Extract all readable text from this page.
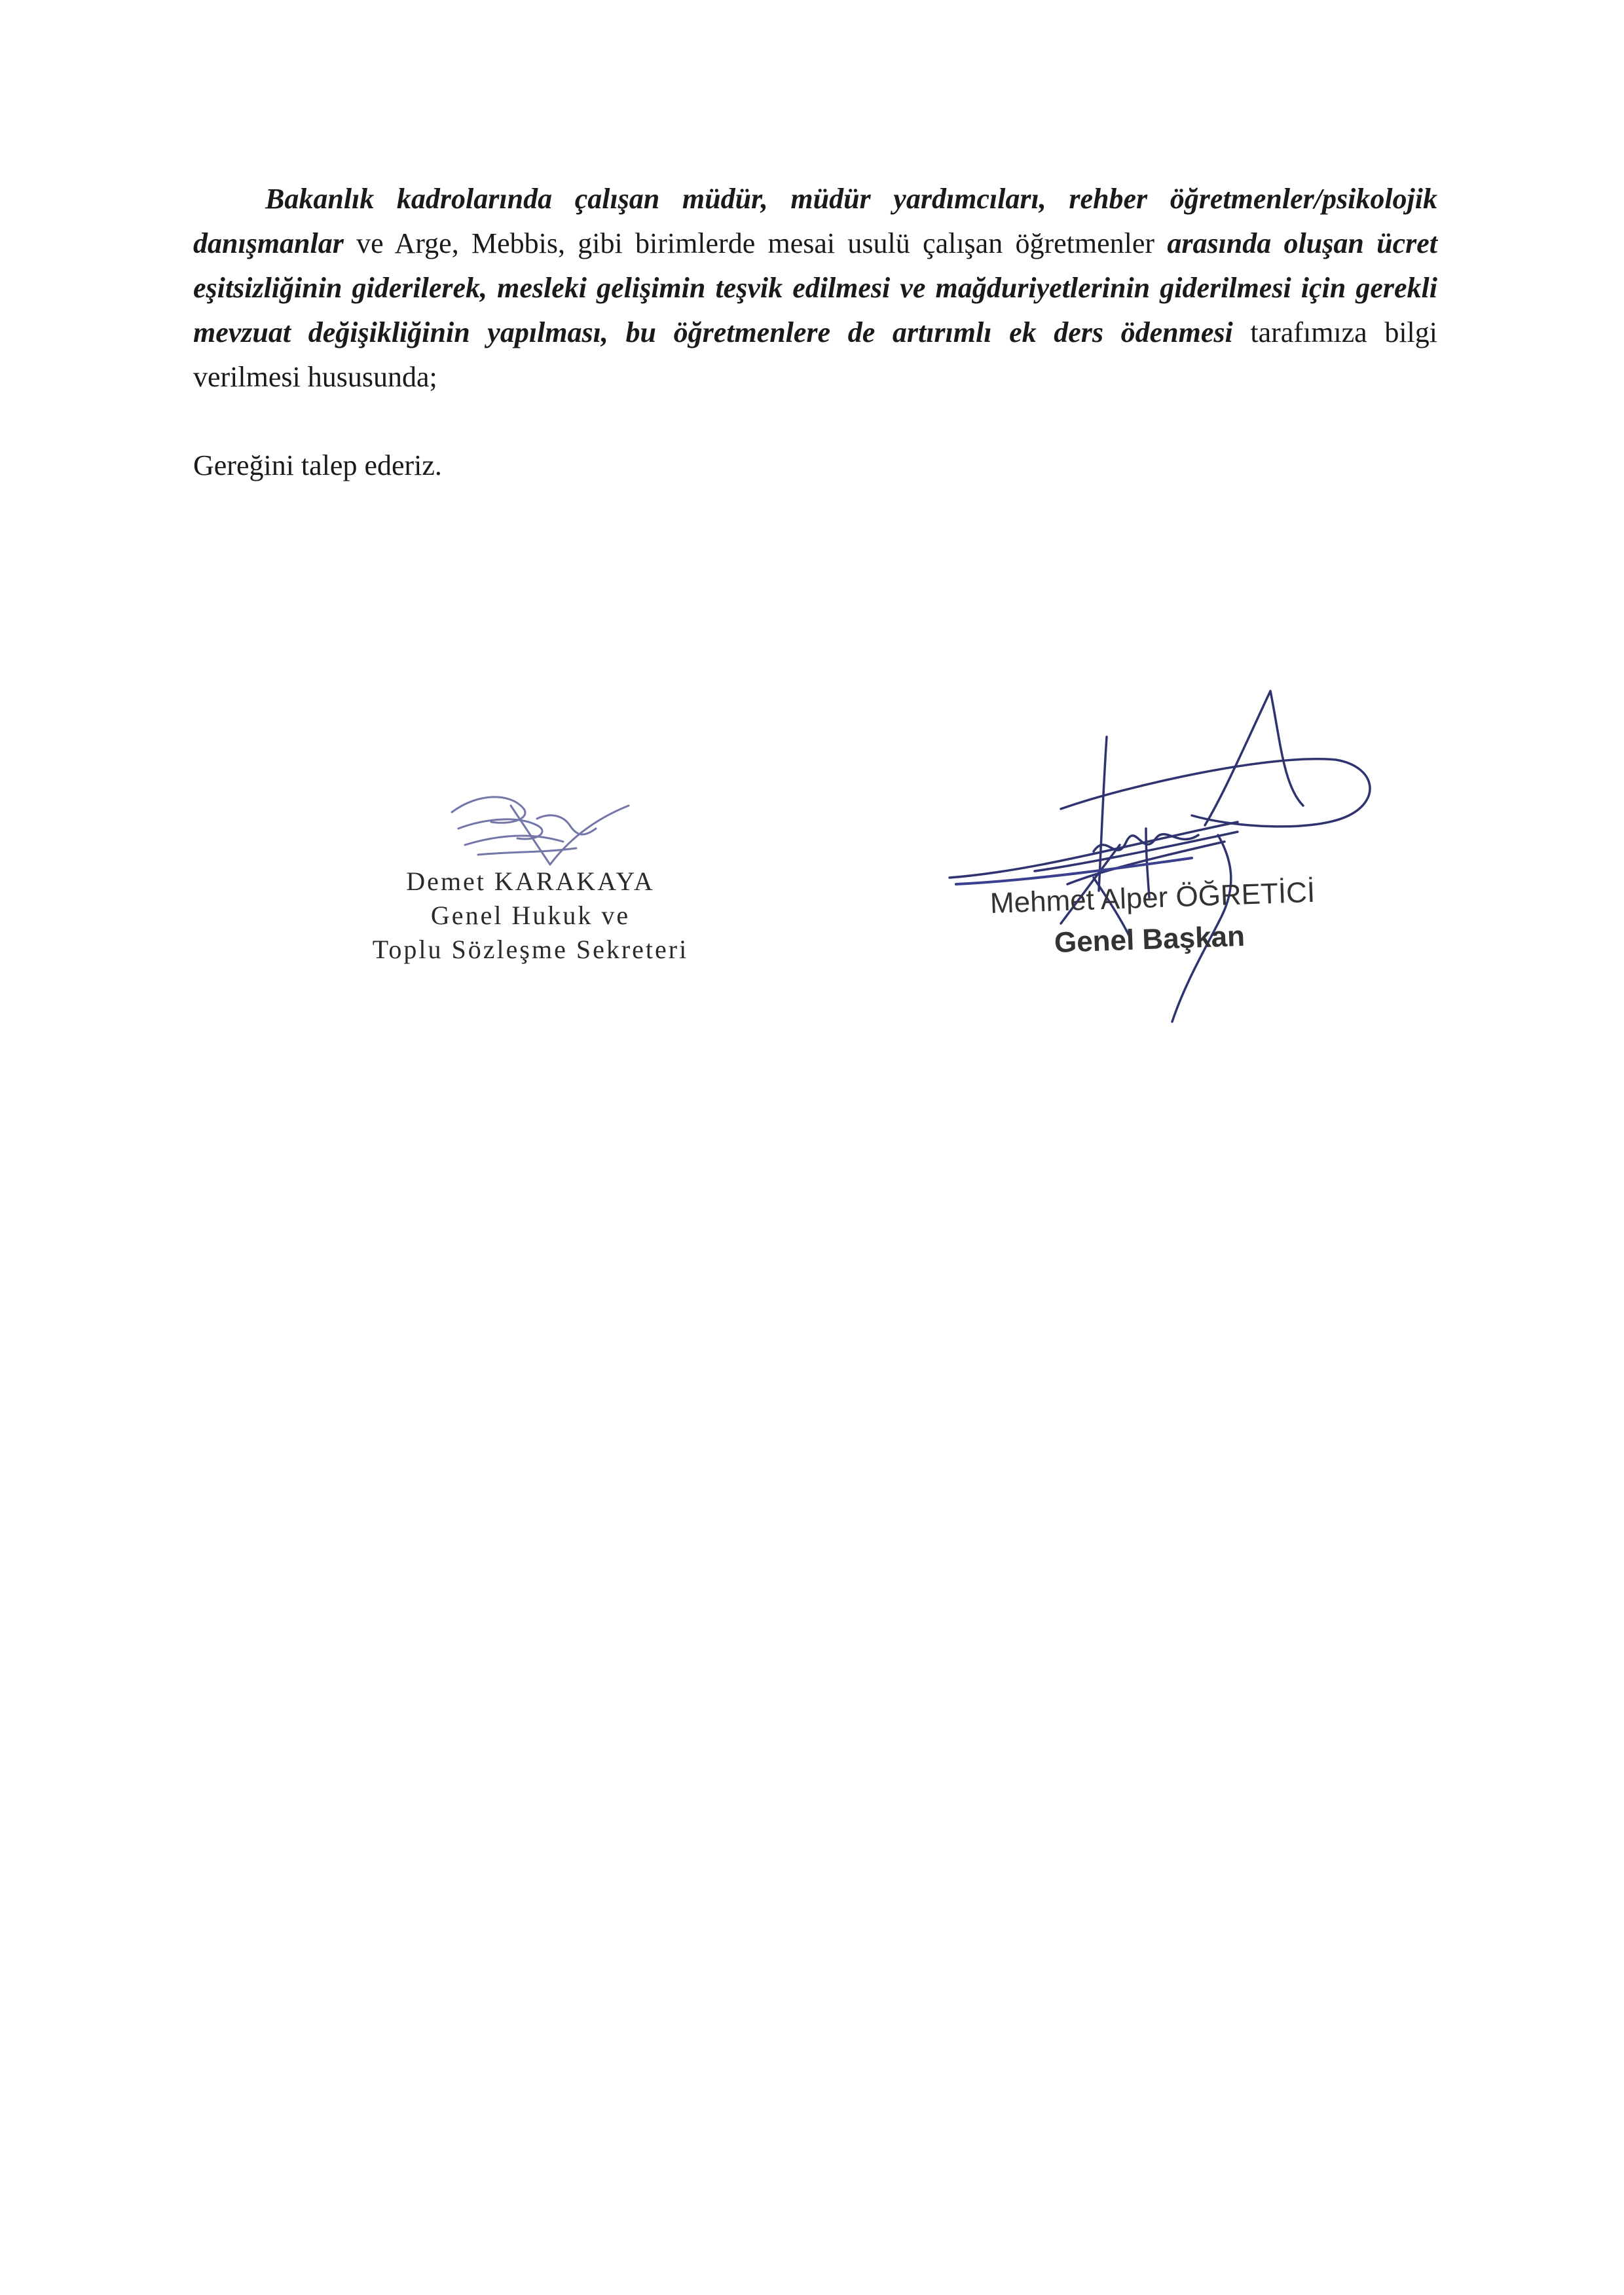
Bakanlık kadrolarında çalışan müdür, müdür yardımcıları, rehber öğretmenler/psikolojik danışmanlar ve Arge, Mebbis, gibi birimlerde mesai usulü çalışan öğretmenler arasında oluşan ücret eşitsizliğinin giderilerek, mesleki gelişimin teşvik edilmesi ve mağduriyetlerinin giderilmesi için gerekli mevzuat değişikliğinin yapılması, bu öğretmenlere de artırımlı ek ders ödenmesi tarafımıza bilgi verilmesi hususunda;

Gereğini talep ederiz.

Demet KARAKAYA
Genel Hukuk ve
Toplu Sözleşme Sekreteri
Mehmet Alper ÖĞRETİCİ
Genel Başkan
